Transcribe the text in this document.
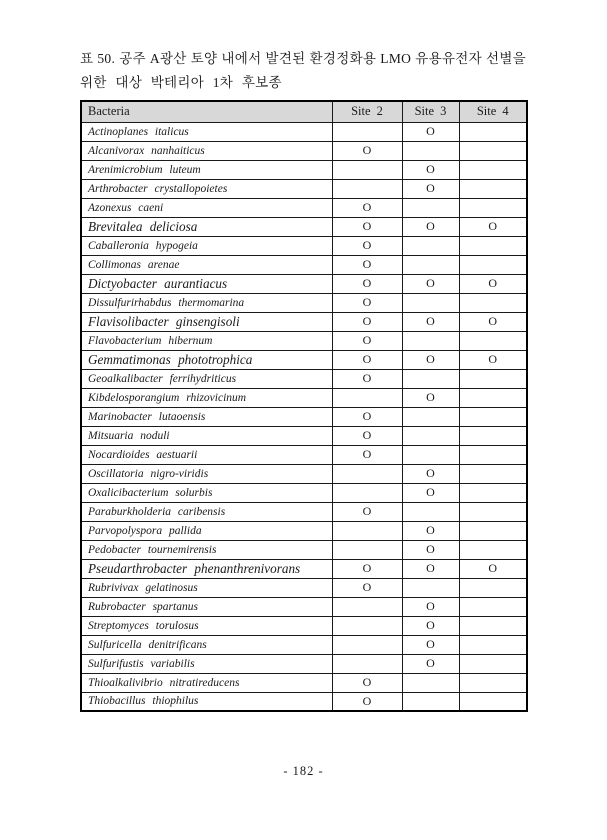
표 50. 공주 A광산 토양 내에서 발견된 환경정화용 LMO 유용유전자 선별을
위한 대상 박테리아 1차 후보종
Bacteria	Site 2	Site 3	Site 4
Actinoplanes italicus		O	
Alcanivorax nanhaiticus	O		
Arenimicrobium luteum		O	
Arthrobacter crystallopoietes		O	
Azonexus caeni	O		
Brevitalea deliciosa	O	O	O
Caballeronia hypogeia	O		
Collimonas arenae	O		
Dictyobacter aurantiacus	O	O	O
Dissulfurirhabdus thermomarina	O		
Flavisolibacter ginsengisoli	O	O	O
Flavobacterium hibernum	O		
Gemmatimonas phototrophica	O	O	O
Geoalkalibacter ferrihydriticus	O		
Kibdelosporangium rhizovicinum		O	
Marinobacter lutaoensis	O		
Mitsuaria noduli	O		
Nocardioides aestuarii	O		
Oscillatoria nigro-viridis		O	
Oxalicibacterium solurbis		O	
Paraburkholderia caribensis	O		
Parvopolyspora pallida		O	
Pedobacter tournemirensis		O	
Pseudarthrobacter phenanthrenivorans	O	O	O
Rubrivivax gelatinosus	O		
Rubrobacter spartanus		O	
Streptomyces torulosus		O	
Sulfuricella denitrificans		O	
Sulfurifustis variabilis		O	
Thioalkalivibrio nitratireducens	O		
Thiobacillus thiophilus	O		
- 182 -
